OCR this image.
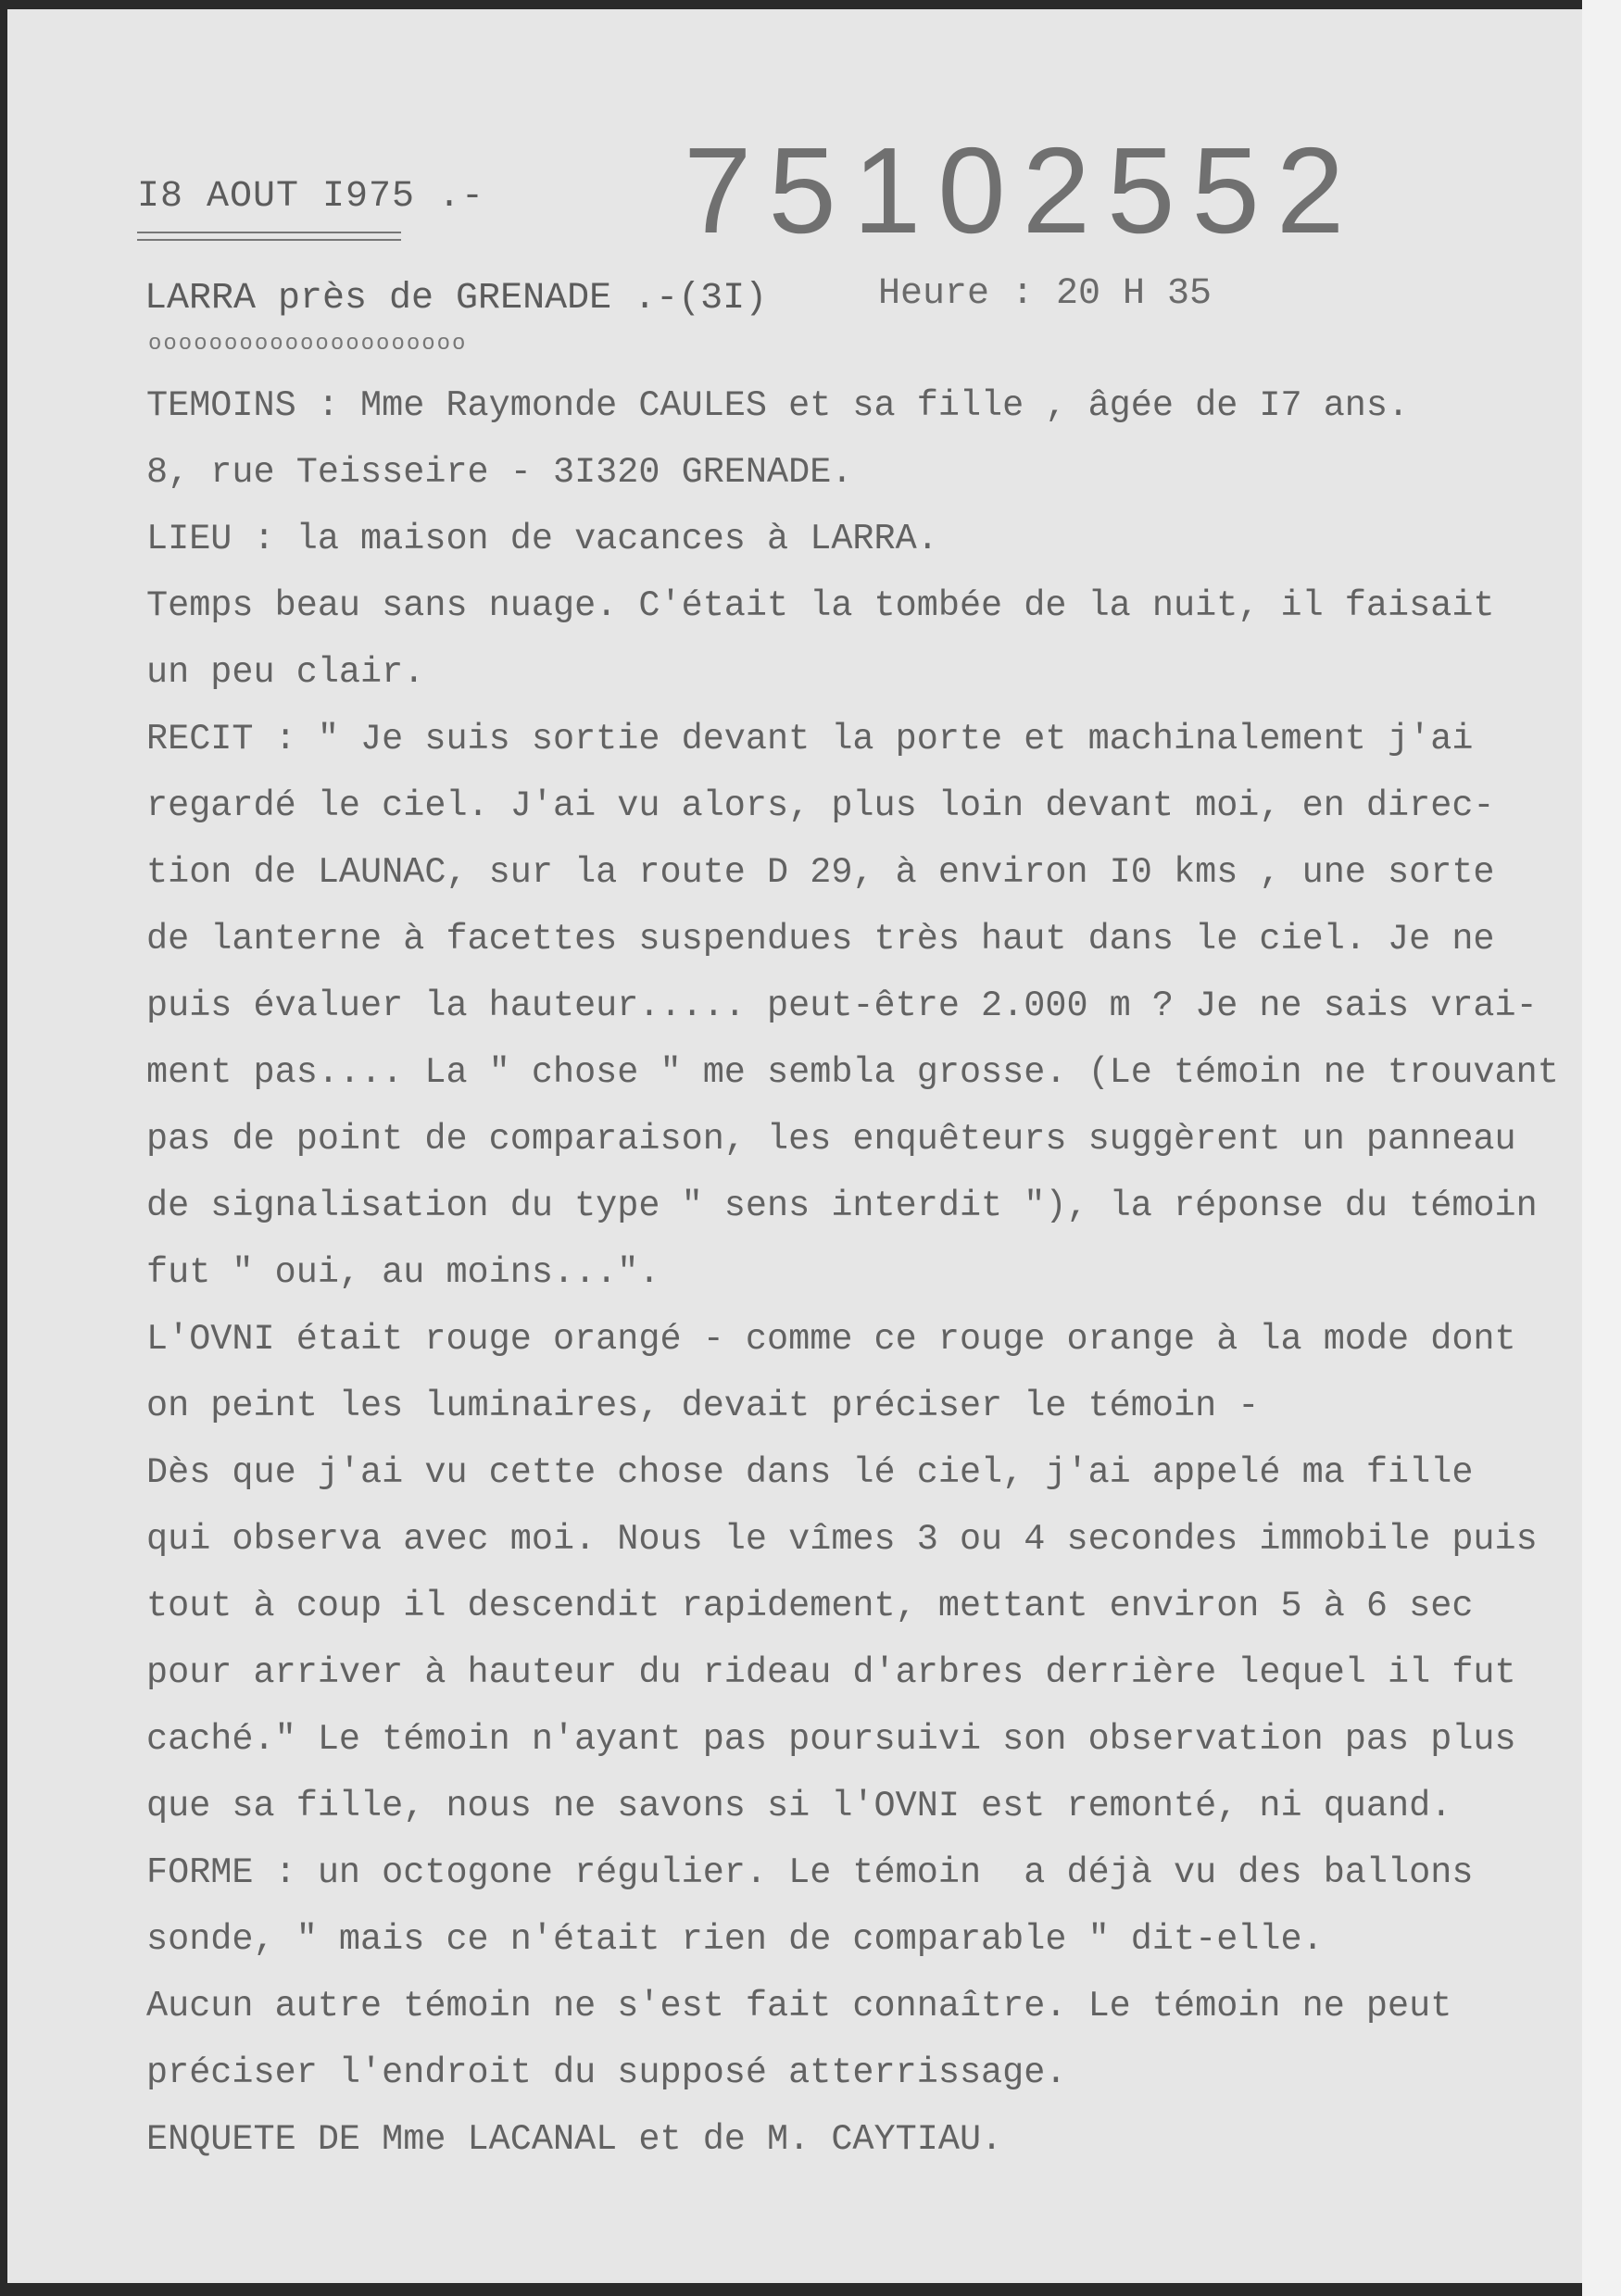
I8 AOUT I975 .- 75102552
LARRA près de GRENADE .-(3I)
ooooooooooooooooooooo
Heure : 20 H 35
TEMOINS : Mme Raymonde CAULES et sa fille , âgée de I7 ans.
8, rue Teisseire - 3I320 GRENADE.
LIEU : la maison de vacances à LARRA.
Temps beau sans nuage. C'était la tombée de la nuit, il faisait
un peu clair.
RECIT : " Je suis sortie devant la porte et machinalement j'ai
regardé le ciel. J'ai vu alors, plus loin devant moi, en direc-
tion de LAUNAC, sur la route D 29, à environ I0 kms , une sorte
de lanterne à facettes suspendues très haut dans le ciel. Je ne
puis évaluer la hauteur..... peut-être 2.000 m ? Je ne sais vrai-
ment pas.... La " chose " me sembla grosse. (Le témoin ne trouvant
pas de point de comparaison, les enquêteurs suggèrent un panneau
de signalisation du type " sens interdit "), la réponse du témoin
fut " oui, au moins...".
L'OVNI était rouge orangé - comme ce rouge orange à la mode dont
on peint les luminaires, devait préciser le témoin -
Dès que j'ai vu cette chose dans lé ciel, j'ai appelé ma fille
qui observa avec moi. Nous le vîmes 3 ou 4 secondes immobile puis
tout à coup il descendit rapidement, mettant environ 5 à 6 sec
pour arriver à hauteur du rideau d'arbres derrière lequel il fut
caché." Le témoin n'ayant pas poursuivi son observation pas plus
que sa fille, nous ne savons si l'OVNI est remonté, ni quand.
FORME : un octogone régulier. Le témoin  a déjà vu des ballons
sonde, " mais ce n'était rien de comparable " dit-elle.
Aucun autre témoin ne s'est fait connaître. Le témoin ne peut
préciser l'endroit du supposé atterrissage.
ENQUETE DE Mme LACANAL et de M. CAYTIAU.
